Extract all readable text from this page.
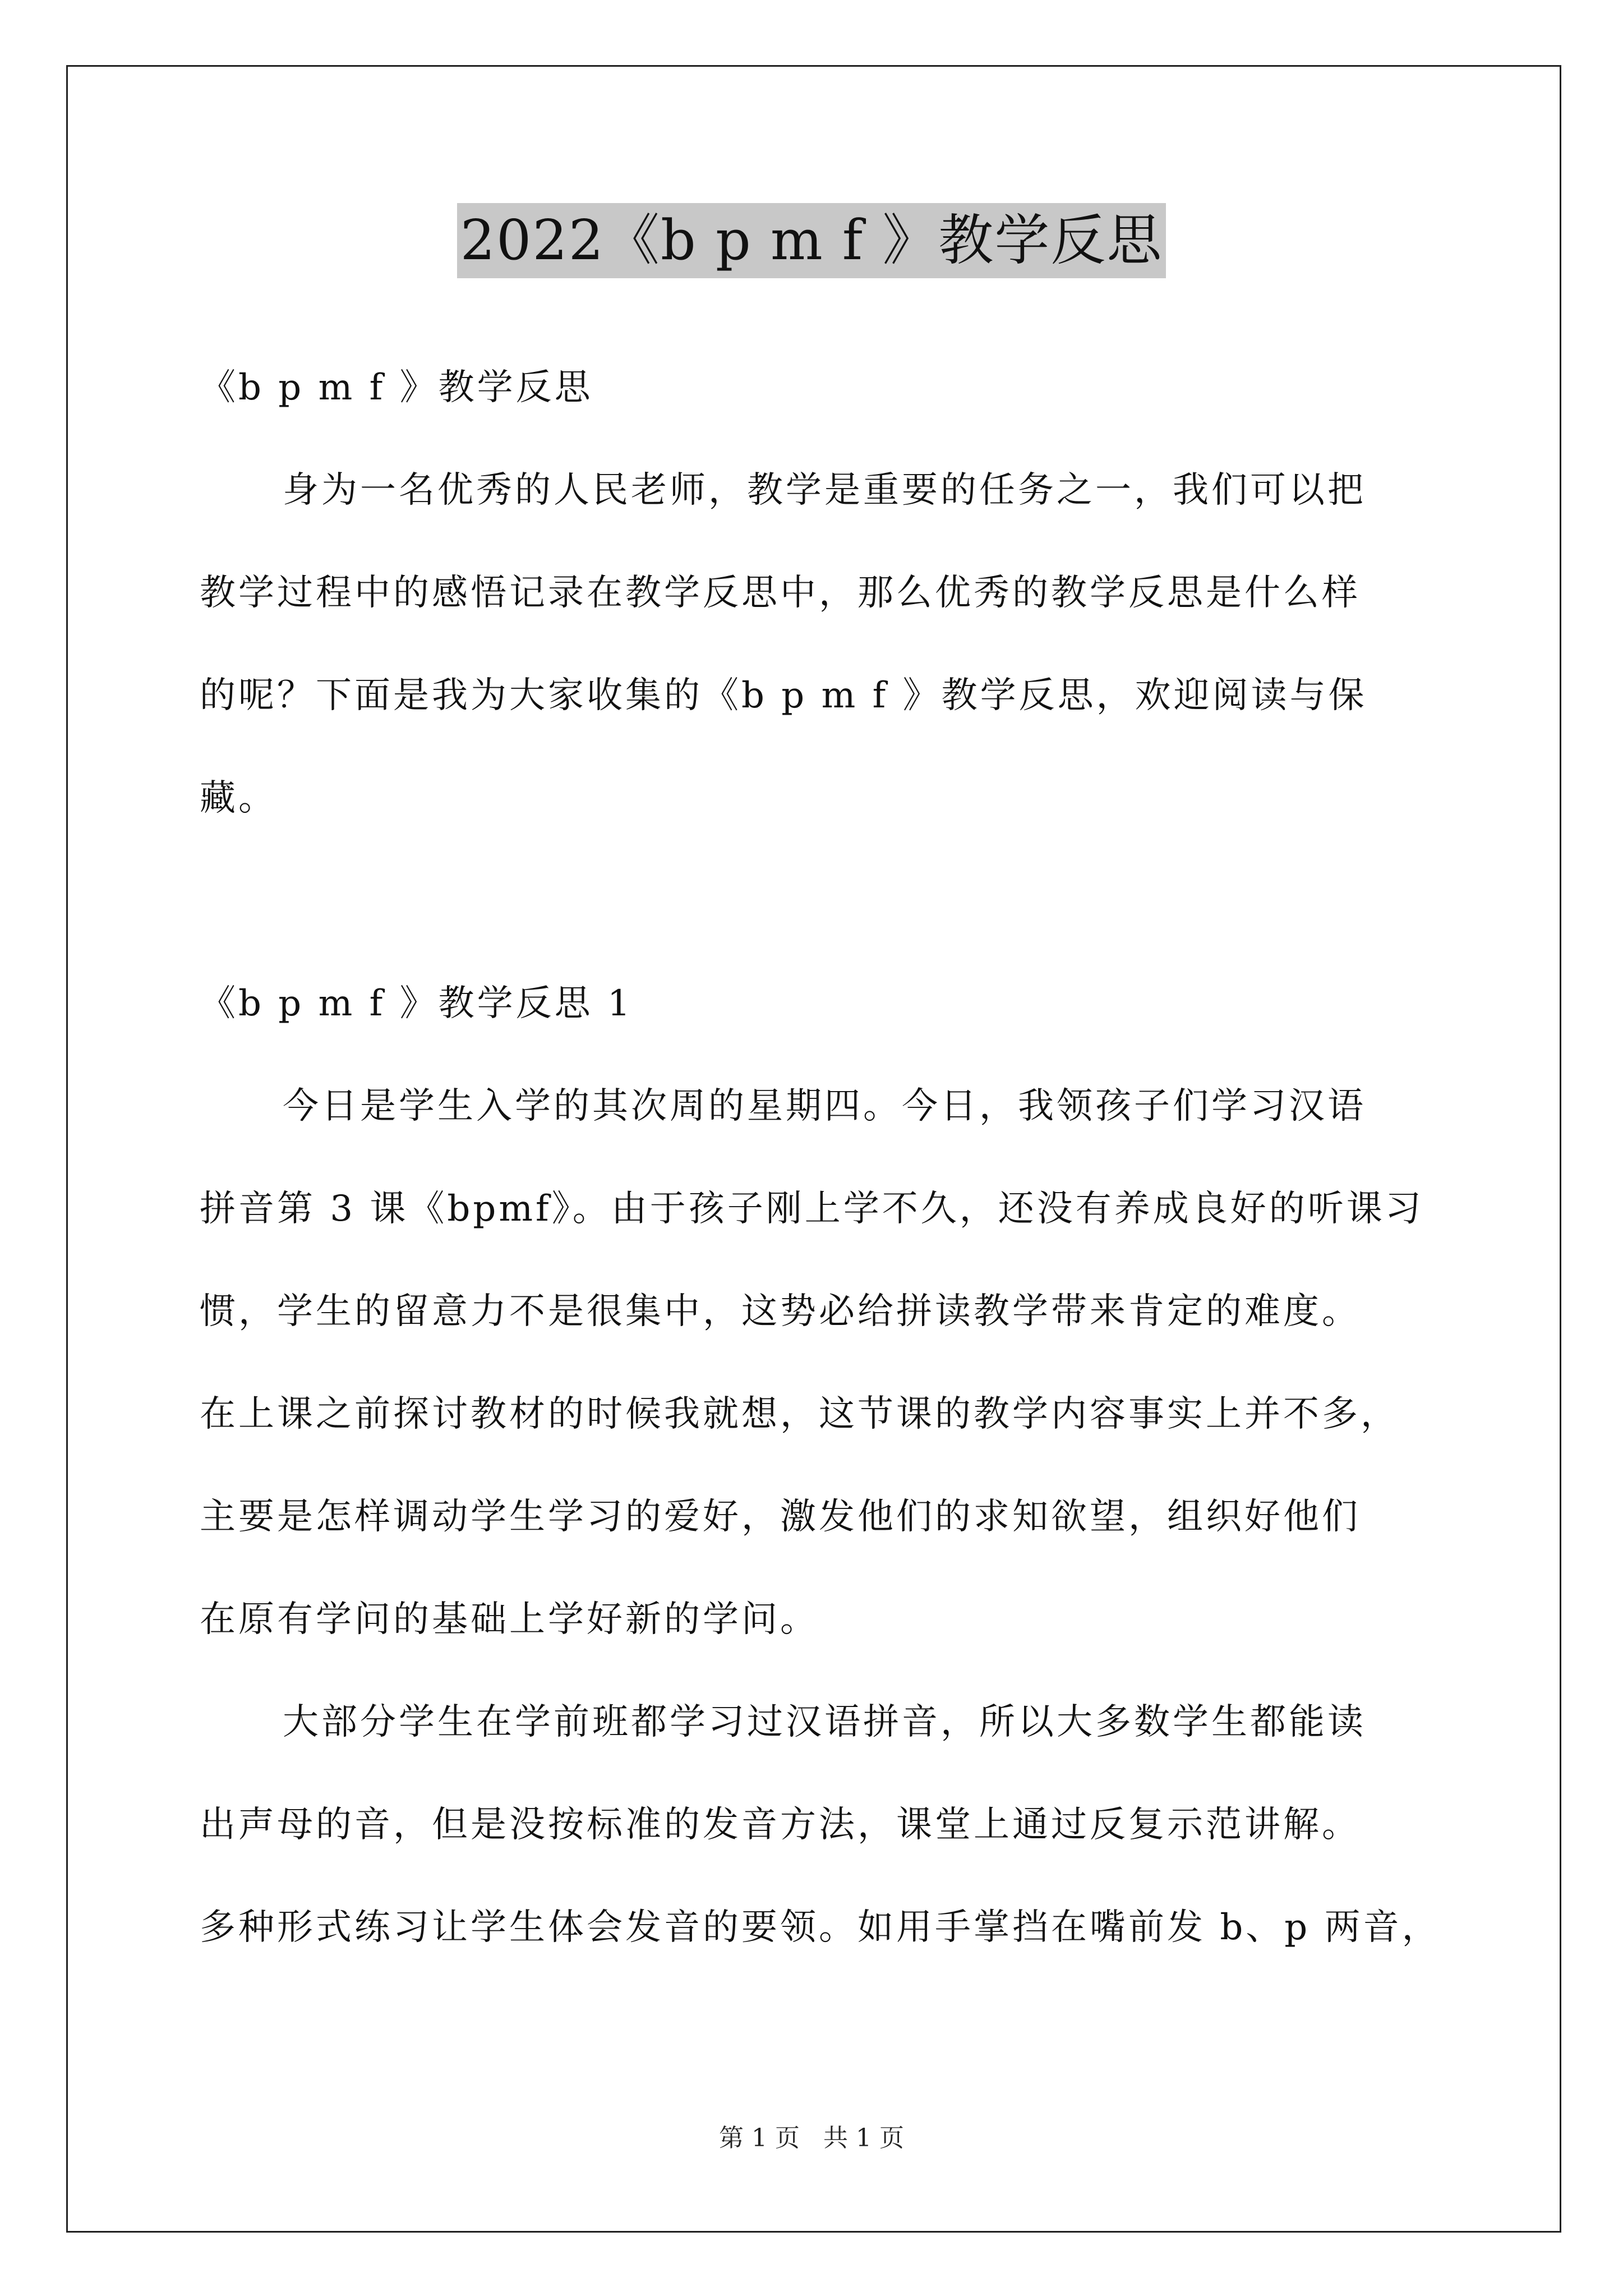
2022《b p m f 》教学反思

《b p m f 》教学反思

身为一名优秀的人民老师，教学是重要的任务之一，我们可以把

教学过程中的感悟记录在教学反思中，那么优秀的教学反思是什么样

的呢？下面是我为大家收集的《b p m f 》教学反思，欢迎阅读与保

藏。

《b p m f 》教学反思 1

今日是学生入学的其次周的星期四。今日，我领孩子们学习汉语

拼音第 3 课《bpmf》。由于孩子刚上学不久，还没有养成良好的听课习

惯，学生的留意力不是很集中，这势必给拼读教学带来肯定的难度。

在上课之前探讨教材的时候我就想，这节课的教学内容事实上并不多，

主要是怎样调动学生学习的爱好，激发他们的求知欲望，组织好他们

在原有学问的基础上学好新的学问。

大部分学生在学前班都学习过汉语拼音，所以大多数学生都能读

出声母的音，但是没按标准的发音方法，课堂上通过反复示范讲解。

多种形式练习让学生体会发音的要领。如用手掌挡在嘴前发 b、p 两音，

第 1 页   共 1 页
